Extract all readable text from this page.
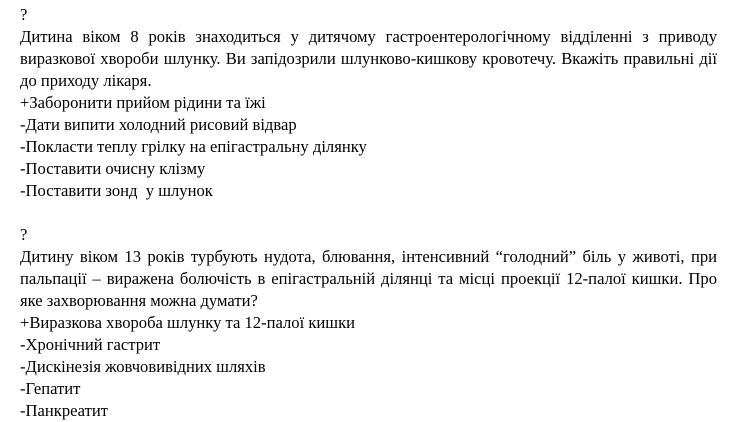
?

Дитина віком 8 років знаходиться у дитячому гастроентерологічному відділенні з приводу виразкової хвороби шлунку. Ви запідозрили шлунково-кишкову кровотечу. Вкажіть правильні дії  до приходу лікаря.

+Заборонити прийом рідини та їжі
-Дати випити холодний рисовий відвар
-Покласти теплу грілку на епігастральну ділянку
-Поставити очисну клізму
-Поставити зонд  у шлунок
?

Дитину віком 13 років турбують нудота, блювання, інтенсивний “голодний” біль у животі, при пальпації – виражена болючість в епігастральній ділянці та місці проекції 12-палої кишки. Про яке захворювання можна думати?

+Виразкова хвороба шлунку та 12-палої кишки
-Хронічний гастрит
-Дискінезія жовчовивідних шляхів
-Гепатит
-Панкреатит
